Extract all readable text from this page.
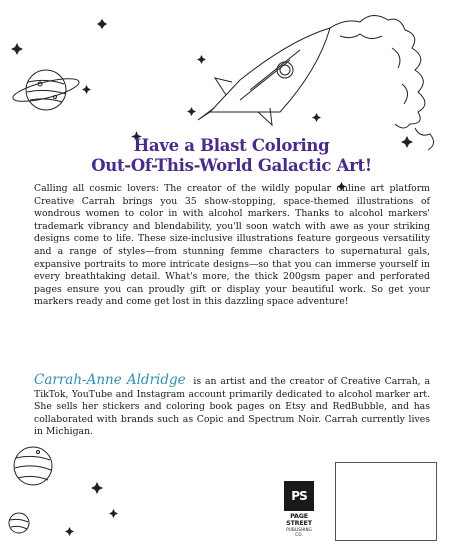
Have a Blast Coloring
Out-Of-This-World Galactic Art!
Calling all cosmic lovers: The creator of the wildly popular online art platform Creative Carrah brings you 35 show-stopping, space-themed illustrations of wondrous women to color in with alcohol markers. Thanks to alcohol markers' trademark vibrancy and blendability, you'll soon watch with awe as your striking designs come to life. These size-inclusive illustrations feature gorgeous versatility and a range of styles—from stunning femme characters to supernatural gals, expansive portraits to more intricate designs—so that you can immerse yourself in every breathtaking detail. What's more, the thick 200gsm paper and perforated pages ensure you can proudly gift or display your beautiful work. So get your markers ready and come get lost in this dazzling space adventure!
Carrah-Anne Aldridge is an artist and the creator of Creative Carrah, a TikTok, YouTube and Instagram account primarily dedicated to alcohol marker art. She sells her stickers and coloring book pages on Etsy and RedBubble, and has collaborated with brands such as Copic and Spectrum Noir. Carrah currently lives in Michigan.
PS
PAGE STREET
PUBLISHING CO.
